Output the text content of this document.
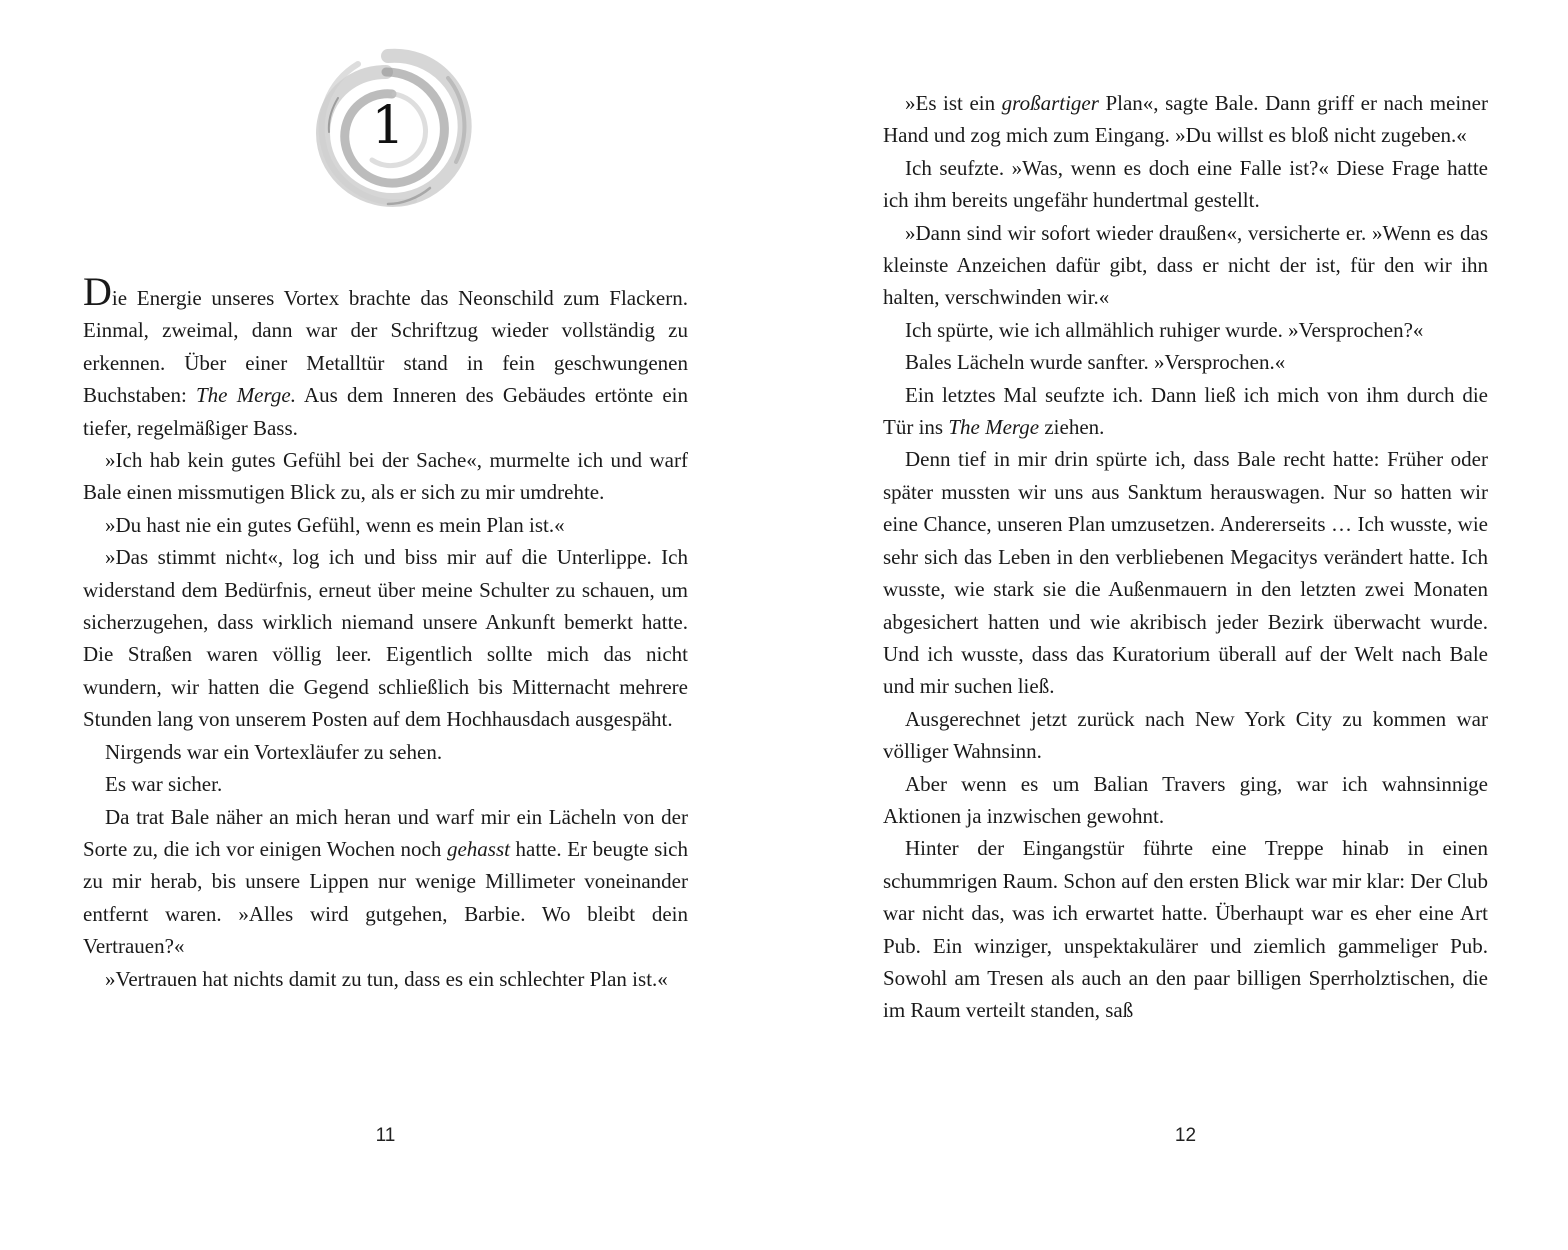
1

Die Energie unseres Vortex brachte das Neonschild zum Flackern. Einmal, zweimal, dann war der Schriftzug wieder vollständig zu erkennen. Über einer Metalltür stand in fein geschwungenen Buchstaben: The Merge. Aus dem Inneren des Gebäudes ertönte ein tiefer, regelmäßiger Bass.

»Ich hab kein gutes Gefühl bei der Sache«, murmelte ich und warf Bale einen missmutigen Blick zu, als er sich zu mir umdrehte.

»Du hast nie ein gutes Gefühl, wenn es mein Plan ist.«

»Das stimmt nicht«, log ich und biss mir auf die Unterlippe. Ich widerstand dem Bedürfnis, erneut über meine Schulter zu schauen, um sicherzugehen, dass wirklich niemand unsere Ankunft bemerkt hatte. Die Straßen waren völlig leer. Eigentlich sollte mich das nicht wundern, wir hatten die Gegend schließlich bis Mitternacht mehrere Stunden lang von unserem Posten auf dem Hochhausdach ausgespäht.

Nirgends war ein Vortexläufer zu sehen.

Es war sicher.

Da trat Bale näher an mich heran und warf mir ein Lächeln von der Sorte zu, die ich vor einigen Wochen noch gehasst hatte. Er beugte sich zu mir herab, bis unsere Lippen nur wenige Millimeter voneinander entfernt waren. »Alles wird gutgehen, Barbie. Wo bleibt dein Vertrauen?«

»Vertrauen hat nichts damit zu tun, dass es ein schlechter Plan ist.«

11

»Es ist ein großartiger Plan«, sagte Bale. Dann griff er nach meiner Hand und zog mich zum Eingang. »Du willst es bloß nicht zugeben.«

Ich seufzte. »Was, wenn es doch eine Falle ist?« Diese Frage hatte ich ihm bereits ungefähr hundertmal gestellt.

»Dann sind wir sofort wieder draußen«, versicherte er. »Wenn es das kleinste Anzeichen dafür gibt, dass er nicht der ist, für den wir ihn halten, verschwinden wir.«

Ich spürte, wie ich allmählich ruhiger wurde. »Versprochen?«

Bales Lächeln wurde sanfter. »Versprochen.«

Ein letztes Mal seufzte ich. Dann ließ ich mich von ihm durch die Tür ins The Merge ziehen.

Denn tief in mir drin spürte ich, dass Bale recht hatte: Früher oder später mussten wir uns aus Sanktum herauswagen. Nur so hatten wir eine Chance, unseren Plan umzusetzen. Andererseits … Ich wusste, wie sehr sich das Leben in den verbliebenen Megacitys verändert hatte. Ich wusste, wie stark sie die Außenmauern in den letzten zwei Monaten abgesichert hatten und wie akribisch jeder Bezirk überwacht wurde. Und ich wusste, dass das Kuratorium überall auf der Welt nach Bale und mir suchen ließ.

Ausgerechnet jetzt zurück nach New York City zu kommen war völliger Wahnsinn.

Aber wenn es um Balian Travers ging, war ich wahnsinnige Aktionen ja inzwischen gewohnt.

Hinter der Eingangstür führte eine Treppe hinab in einen schummrigen Raum. Schon auf den ersten Blick war mir klar: Der Club war nicht das, was ich erwartet hatte. Überhaupt war es eher eine Art Pub. Ein winziger, unspektakulärer und ziemlich gammeliger Pub. Sowohl am Tresen als auch an den paar billigen Sperrholztischen, die im Raum verteilt standen, saß

12
